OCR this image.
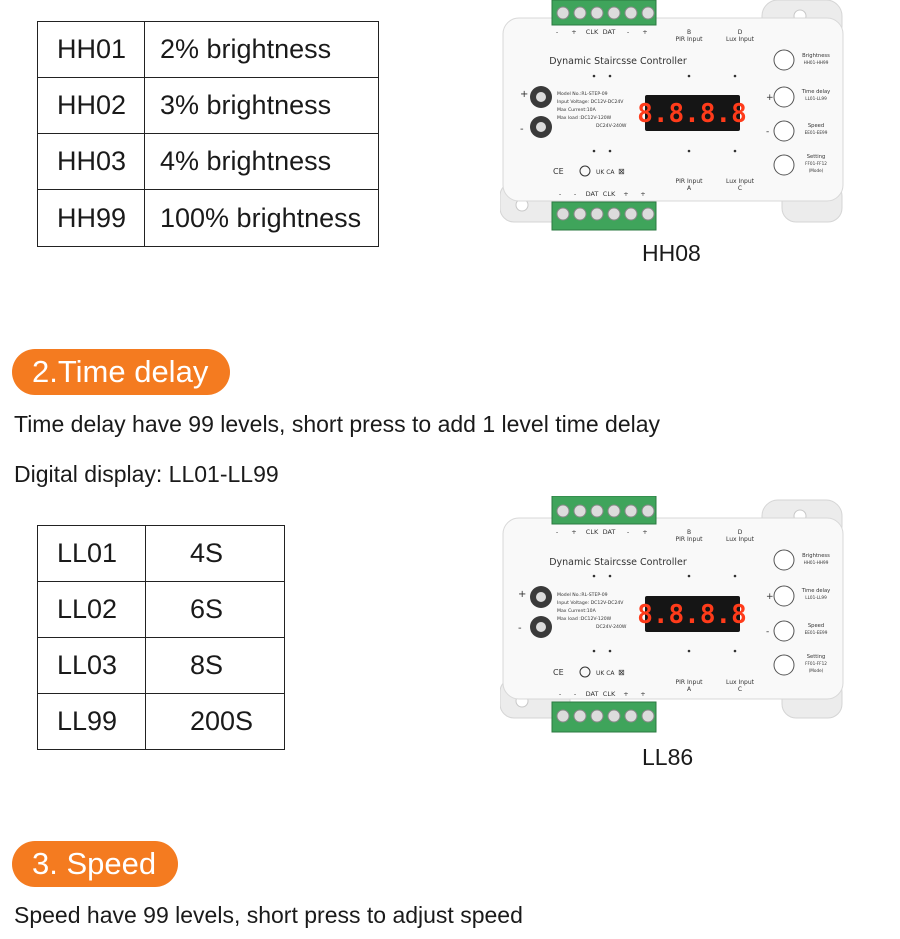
HH01	2% brightness
HH02	3% brightness
HH03	4% brightness
HH99	100% brightness
- + CLK DAT - +	B
PIR Input
D
Lux Input
Dynamic Staircsse Controller
+
-
Model No.:RL-STEP-09
Input Voltage: DC12V-DC24V
Max Current:10A
Max load :DC12V-120W
DC24V-240W 8.8.8.8
CE	UK CA ⊠
PIR Input
A
Lux Input
C
Brightness
HH01-HH99
+
Time delay
LL01-LL99
-
Speed
EE01-EE99
Setting
FF01-FF12
(Mode)
- - DAT CLK + +
HH08
2.Time delay
Time delay have 99 levels, short press to add 1 level time delay
Digital display: LL01-LL99
LL01	4S
LL02	6S
LL03	8S
LL99	200S
- + CLK DAT - +	B
PIR Input
D
Lux Input
Dynamic Staircsse Controller
+
-
Model No.:RL-STEP-09
Input Voltage: DC12V-DC24V
Max Current:10A
Max load :DC12V-120W
DC24V-240W 8.8.8.8
CE	UK CA ⊠
PIR Input
A
Lux Input
C
Brightness
HH01-HH99
+
Time delay
LL01-LL99
-
Speed
EE01-EE99
Setting
FF01-FF12
(Mode)
- - DAT CLK + +
LL86
3. Speed
Speed have 99 levels, short press to adjust speed
